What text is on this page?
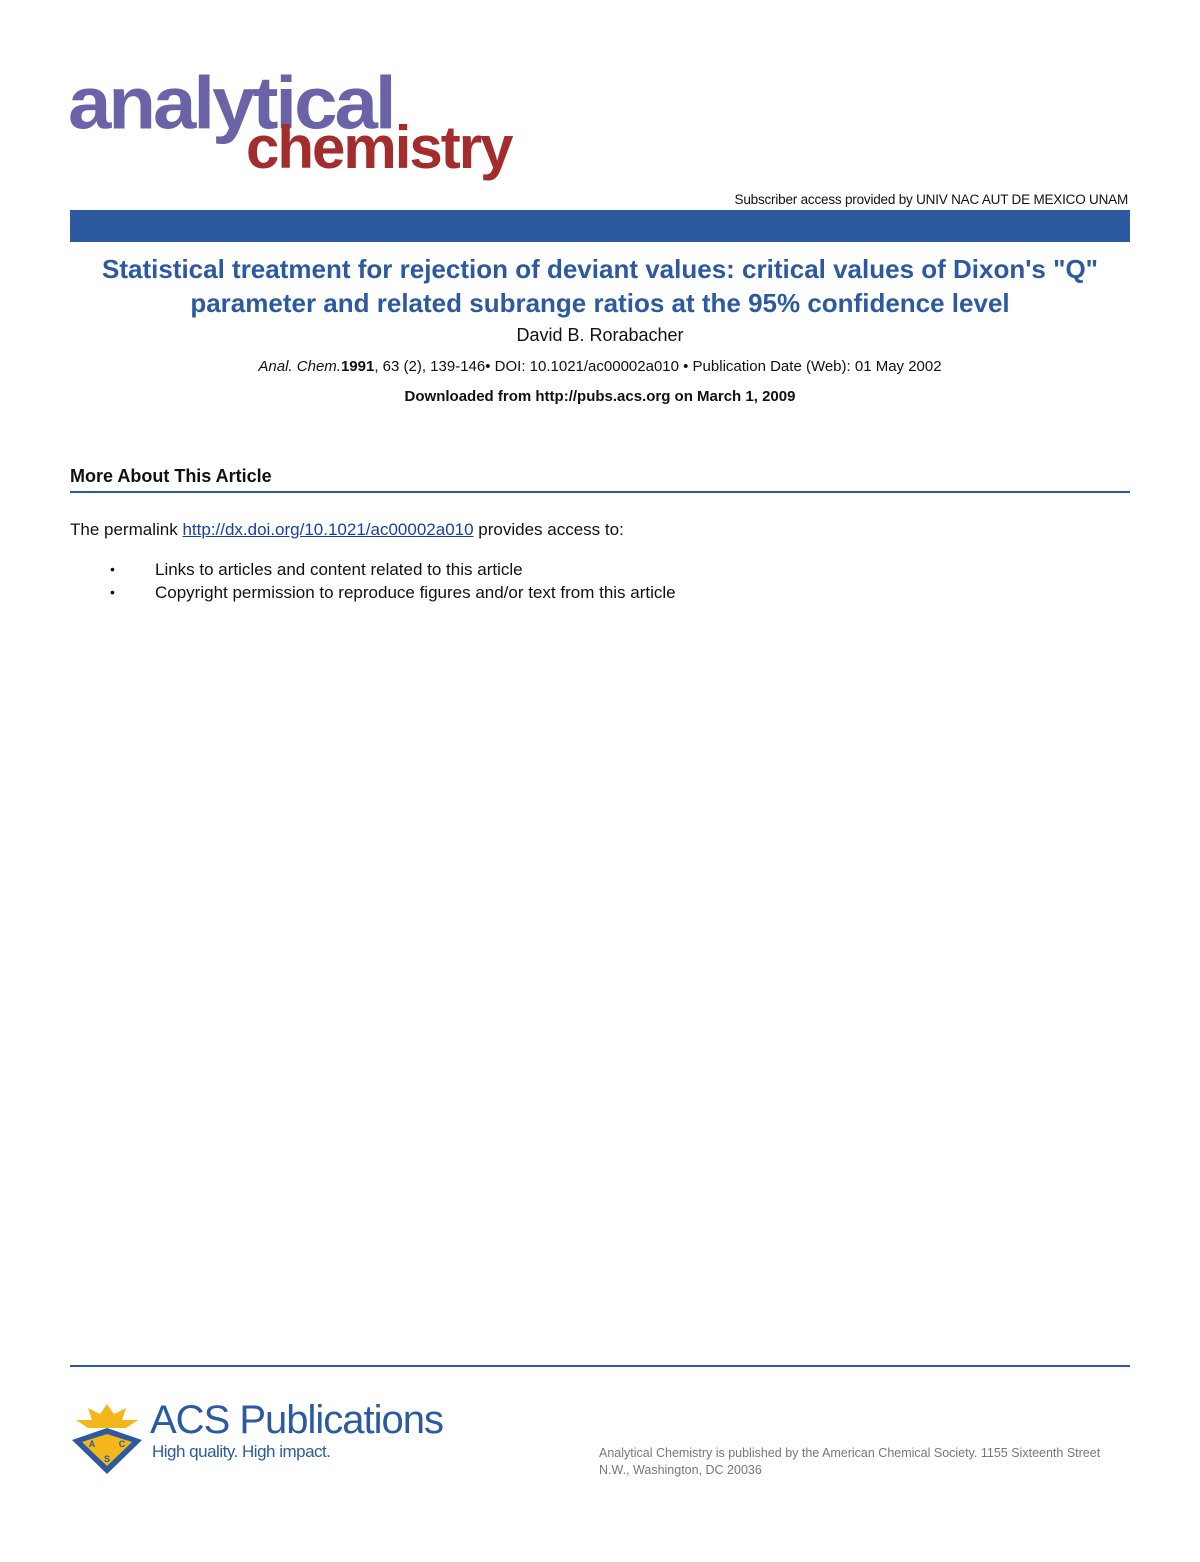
analytical
chemistry
Subscriber access provided by UNIV NAC AUT DE MEXICO UNAM
Statistical treatment for rejection of deviant values: critical values of Dixon's "Q" parameter and related subrange ratios at the 95% confidence level
David B. Rorabacher
Anal. Chem.1991, 63 (2), 139-146• DOI: 10.1021/ac00002a010 • Publication Date (Web): 01 May 2002
Downloaded from http://pubs.acs.org on March 1, 2009
More About This Article
The permalink http://dx.doi.org/10.1021/ac00002a010 provides access to:
• Links to articles and content related to this article
• Copyright permission to reproduce figures and/or text from this article
A	C
S
ACS Publications
High quality. High impact.	Analytical Chemistry is published by the American Chemical Society. 1155 Sixteenth Street N.W., Washington, DC 20036
